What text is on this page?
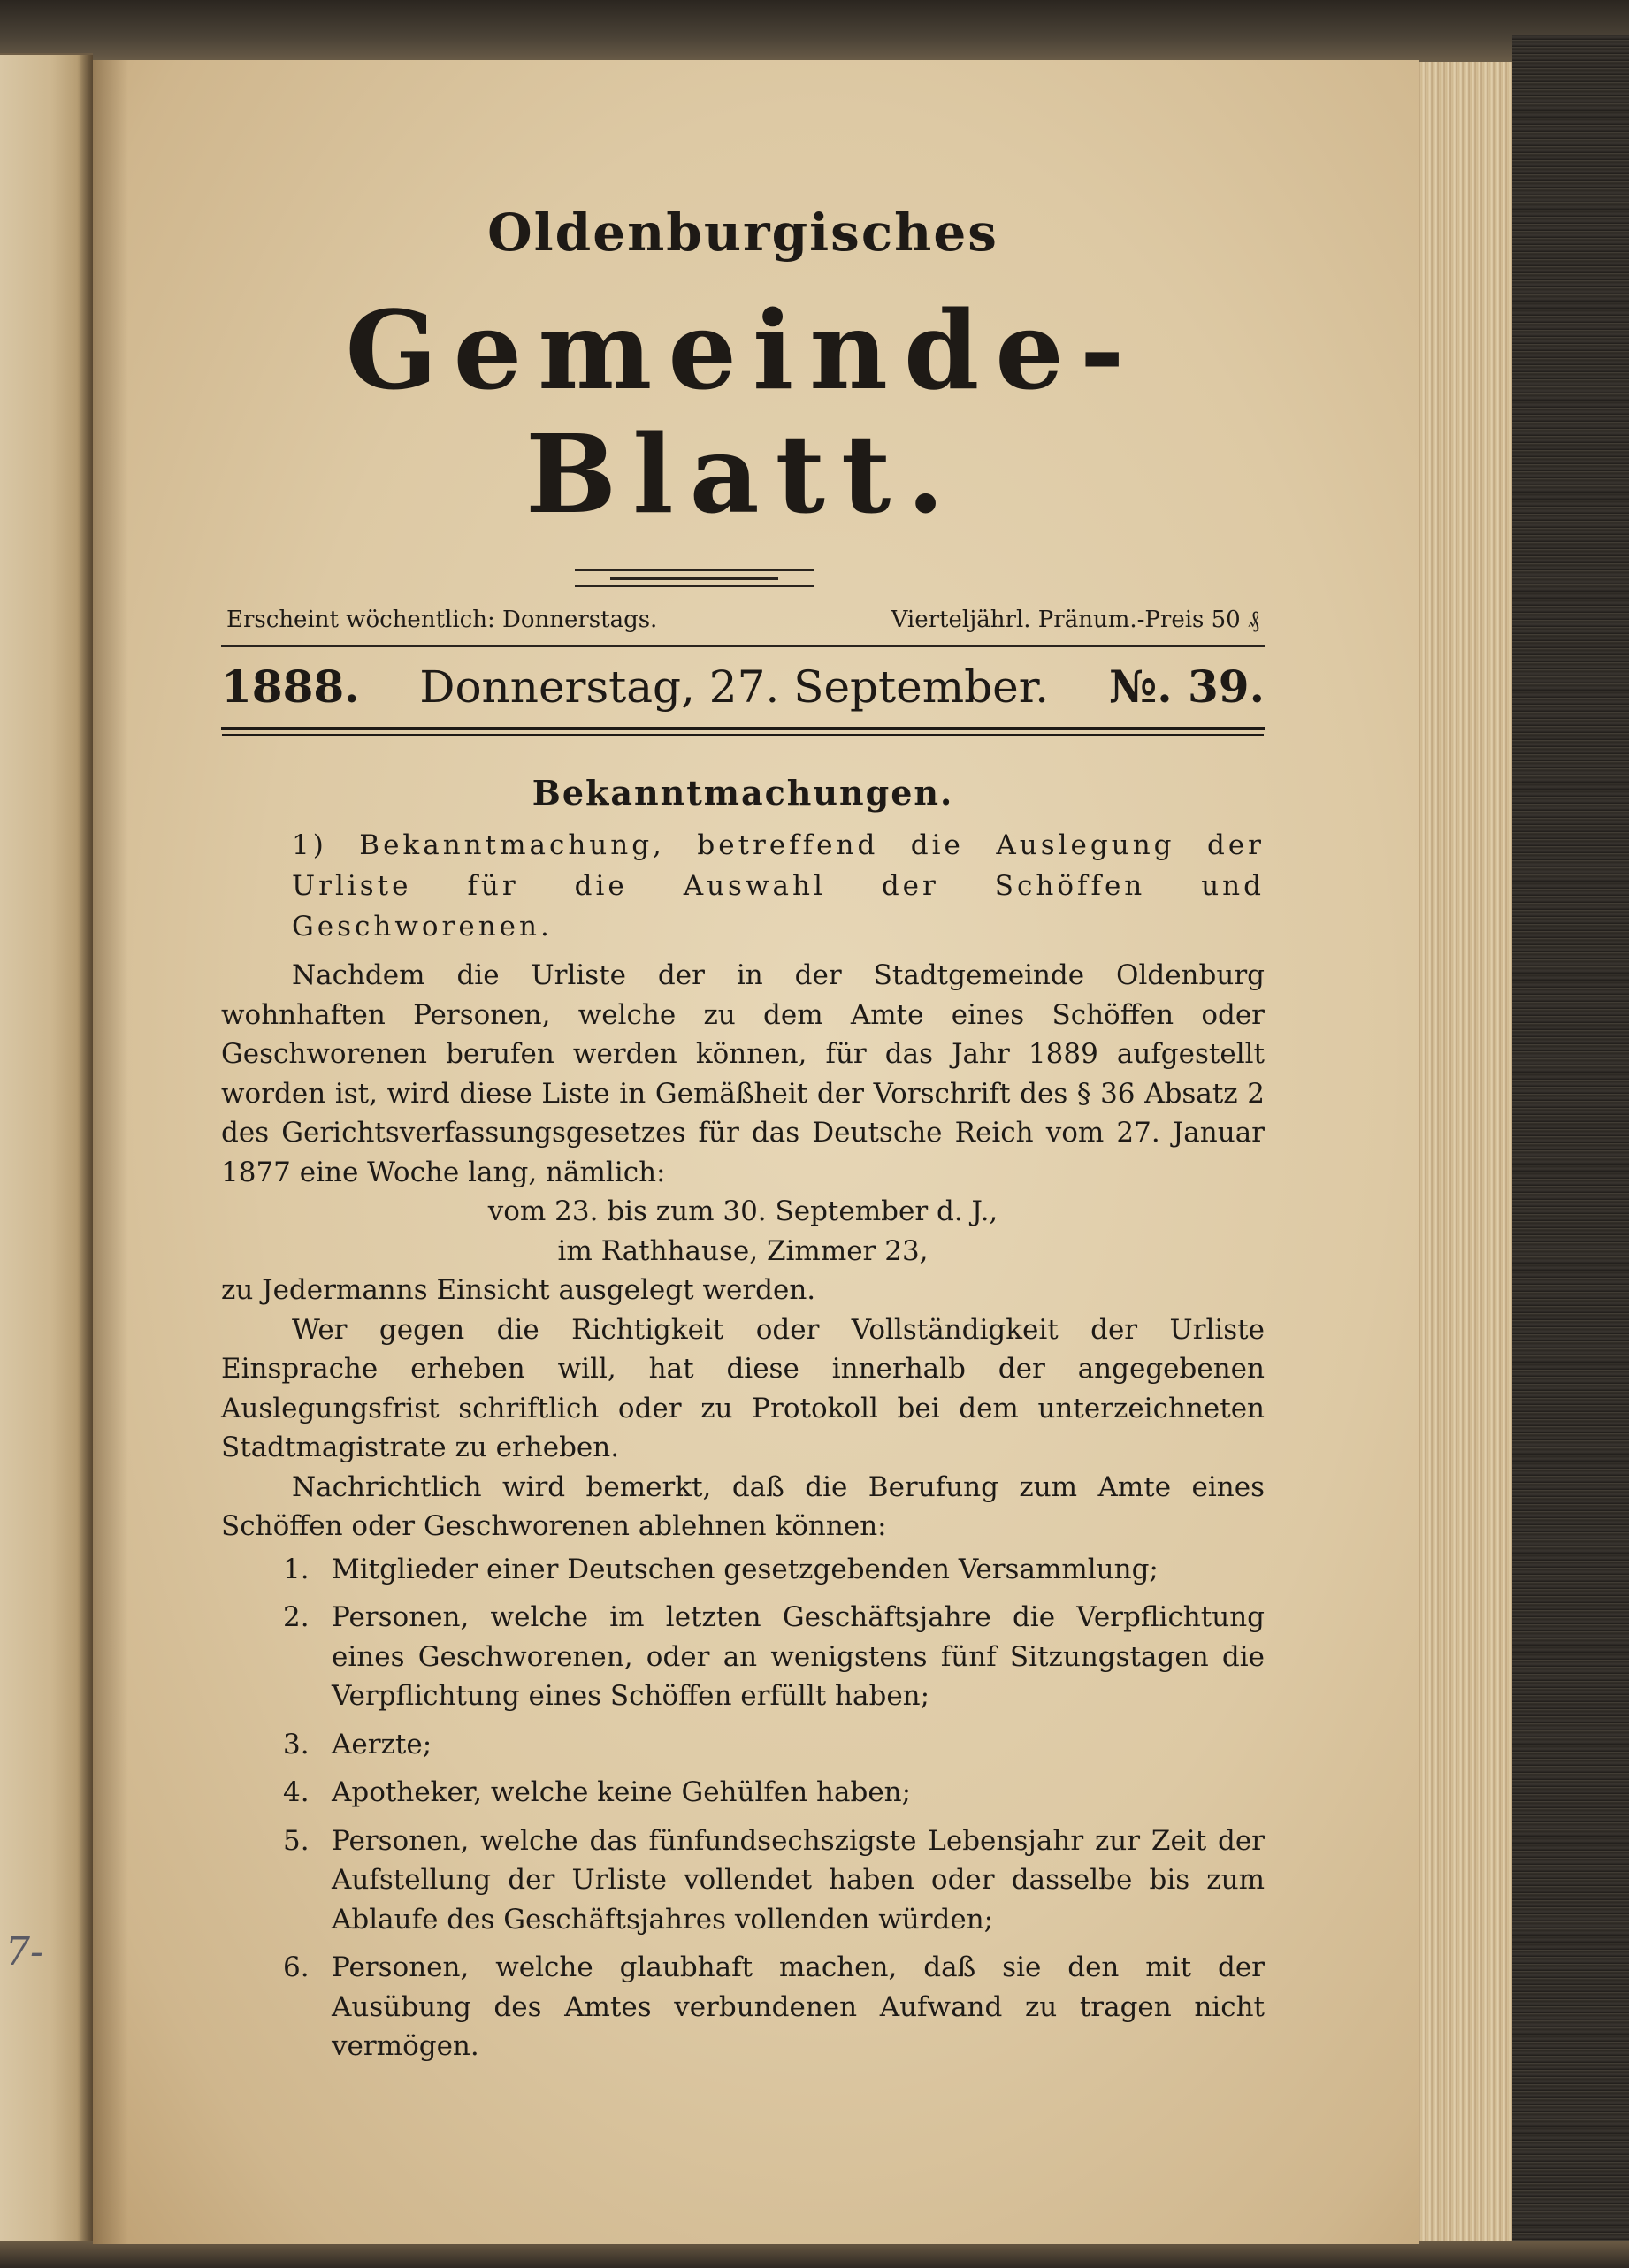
7-
Oldenburgisches
Gemeinde-Blatt.
Erscheint wöchentlich: Donnerstags.	Vierteljährl. Pränum.-Preis 50 ₰
1888. Donnerstag, 27. September. №. 39.
Bekanntmachungen.
1) Bekanntmachung, betreffend die Auslegung der Urliste für die Auswahl der Schöffen und Geschworenen.

Nachdem die Urliste der in der Stadtgemeinde Oldenburg wohnhaften Personen, welche zu dem Amte eines Schöffen oder Geschworenen berufen werden können, für das Jahr 1889 aufgestellt worden ist, wird diese Liste in Gemäßheit der Vorschrift des § 36 Absatz 2 des Gerichtsverfassungsgesetzes für das Deutsche Reich vom 27. Januar 1877 eine Woche lang, nämlich:

vom 23. bis zum 30. September d. J.,

im Rathhause, Zimmer 23,

zu Jedermanns Einsicht ausgelegt werden.

Wer gegen die Richtigkeit oder Vollständigkeit der Urliste Einsprache erheben will, hat diese innerhalb der angegebenen Auslegungsfrist schriftlich oder zu Protokoll bei dem unterzeichneten Stadtmagistrate zu erheben.

Nachrichtlich wird bemerkt, daß die Berufung zum Amte eines Schöffen oder Geschworenen ablehnen können:

1. Mitglieder einer Deutschen gesetzgebenden Versammlung;
2. Personen, welche im letzten Geschäftsjahre die Verpflichtung eines Geschworenen, oder an wenigstens fünf Sitzungstagen die Verpflichtung eines Schöffen erfüllt haben;
3. Aerzte;
4. Apotheker, welche keine Gehülfen haben;
5. Personen, welche das fünfundsechszigste Lebensjahr zur Zeit der Aufstellung der Urliste vollendet haben oder dasselbe bis zum Ablaufe des Geschäftsjahres vollenden würden;
6. Personen, welche glaubhaft machen, daß sie den mit der Ausübung des Amtes verbundenen Aufwand zu tragen nicht vermögen.
